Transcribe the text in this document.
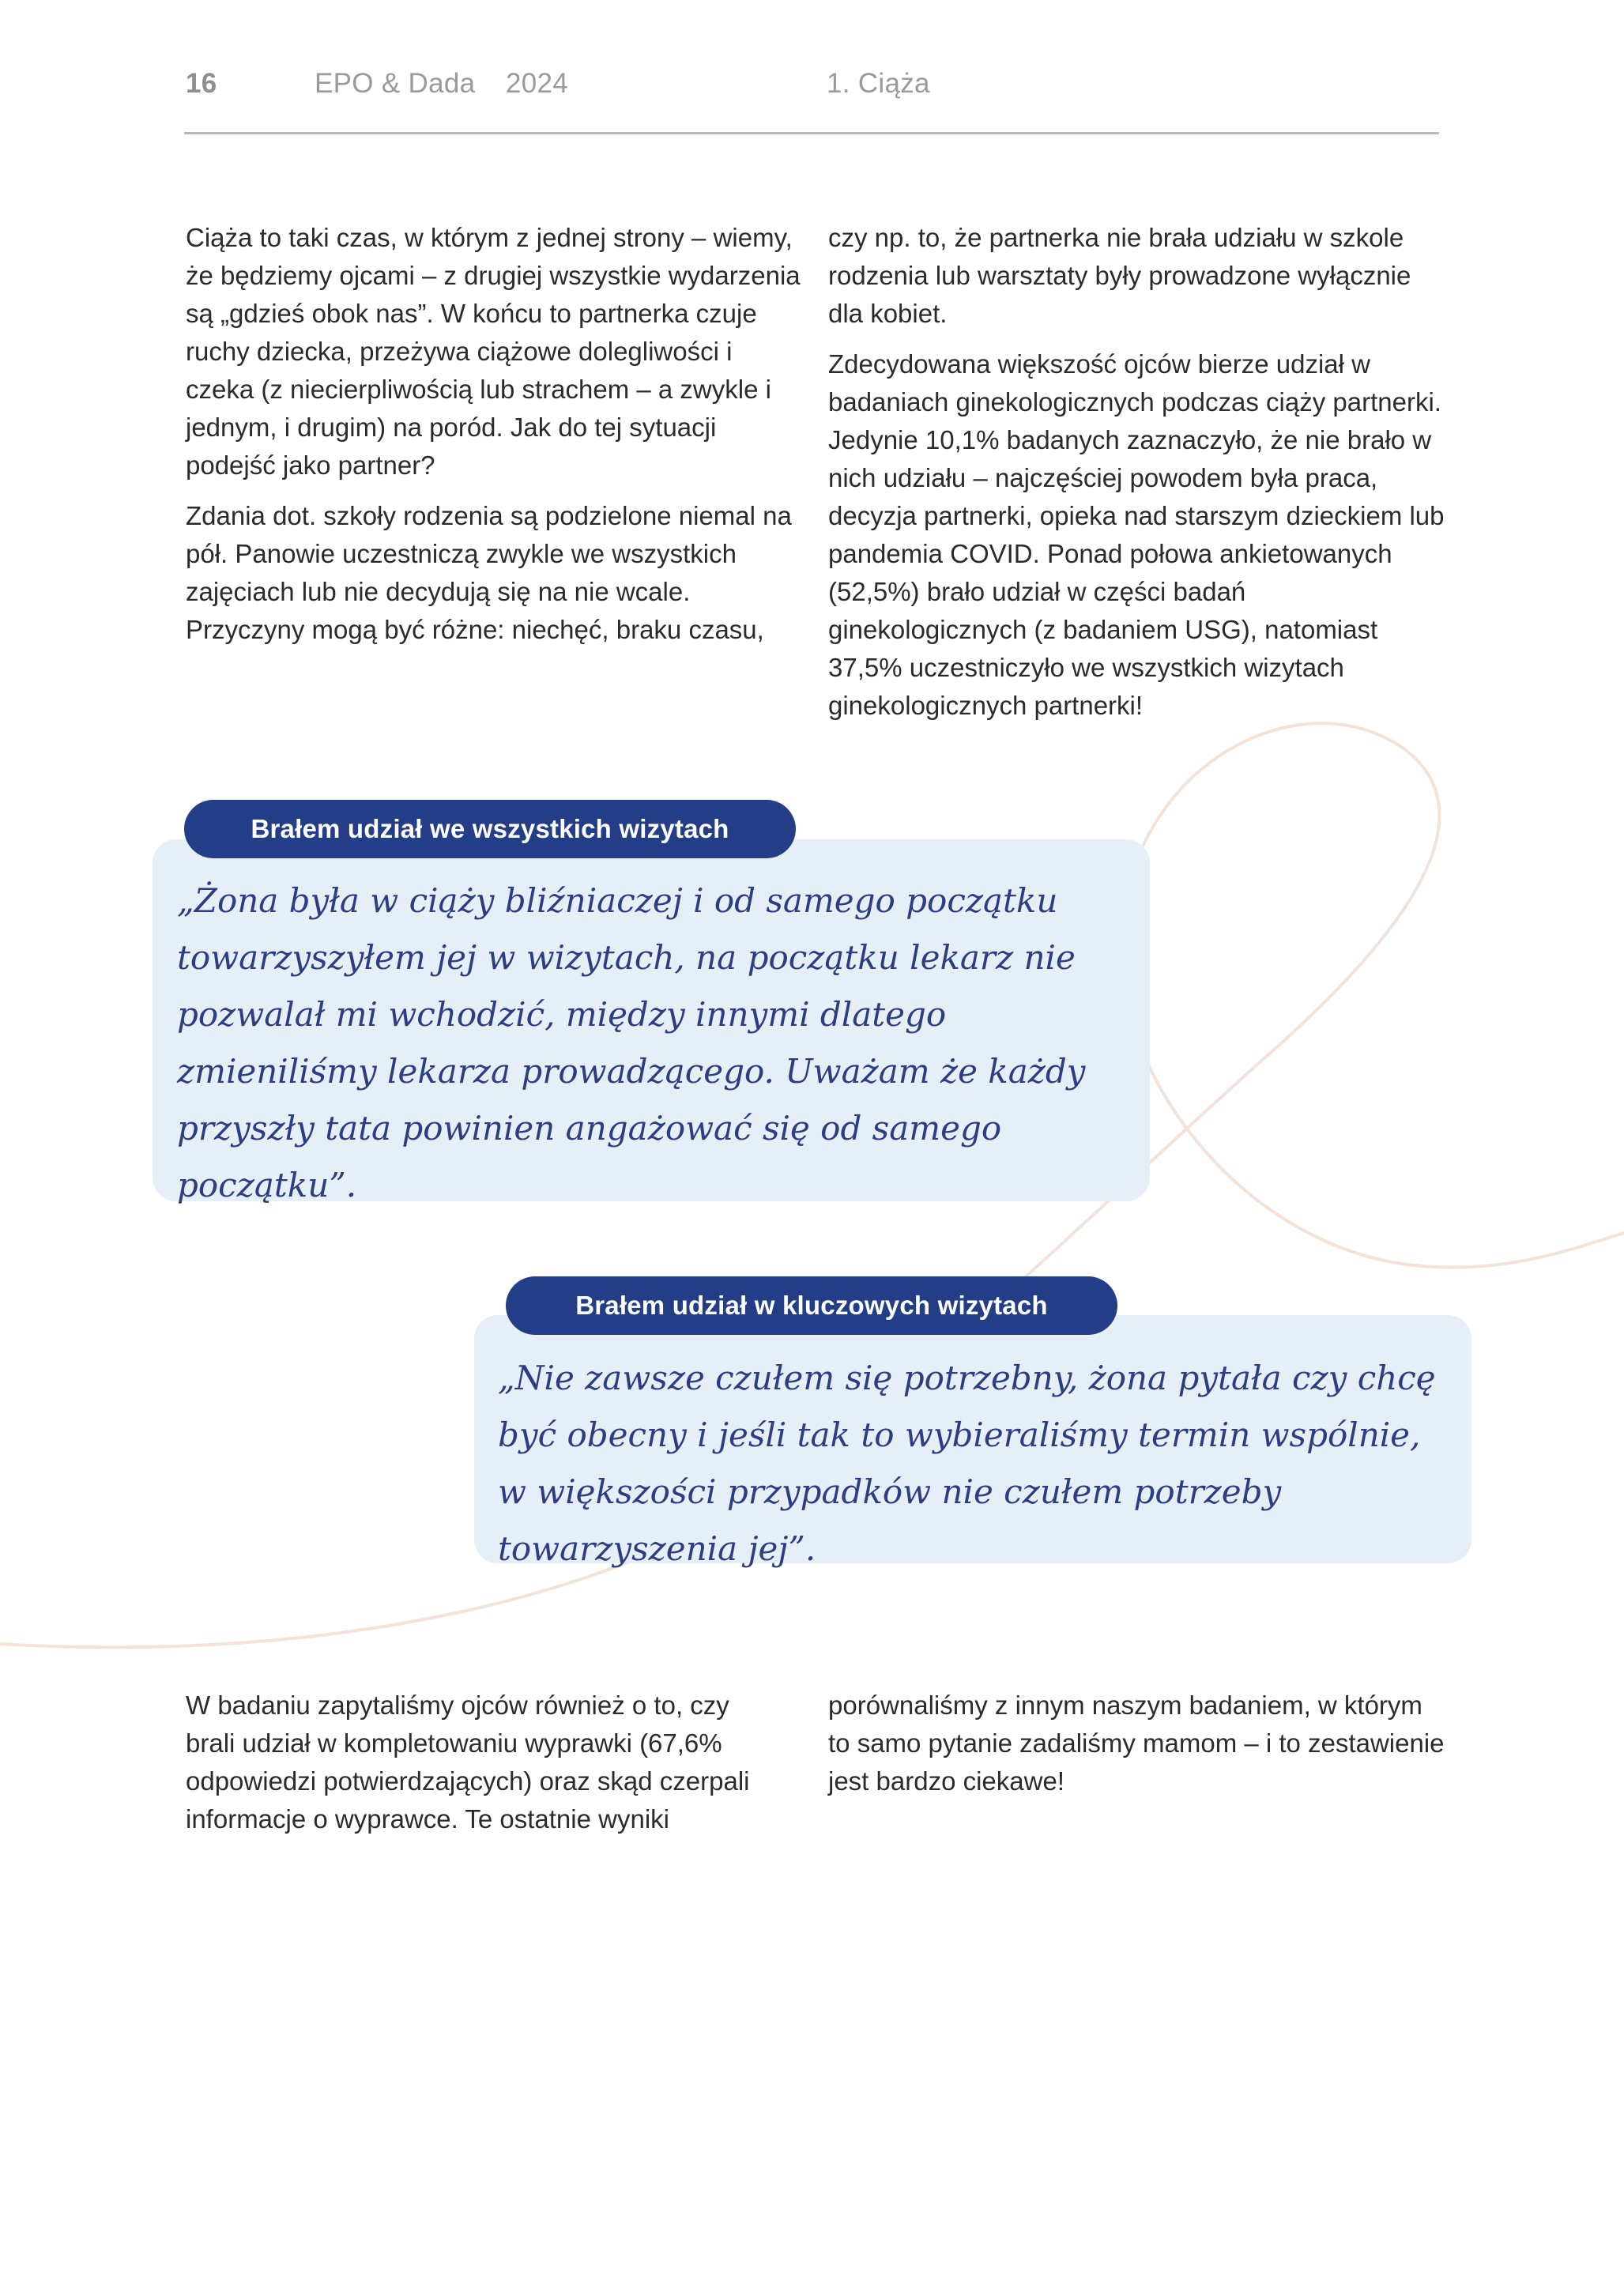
16	EPO & Dada 2024	1. Ciąża

Ciąża to taki czas, w którym z jednej strony – wiemy, że będziemy ojcami – z drugiej wszystkie wydarzenia są „gdzieś obok nas”. W końcu to partnerka czuje ruchy dziecka, przeżywa ciążowe dolegliwości i czeka (z niecierpliwością lub strachem – a zwykle i jednym, i drugim) na poród. Jak do tej sytuacji podejść jako partner?

Zdania dot. szkoły rodzenia są podzielone niemal na pół. Panowie uczestniczą zwykle we wszystkich zajęciach lub nie decydują się na nie wcale. Przyczyny mogą być różne: niechęć, braku czasu,

czy np. to, że partnerka nie brała udziału w szkole rodzenia lub warsztaty były prowadzone wyłącznie dla kobiet.

Zdecydowana większość ojców bierze udział w badaniach ginekologicznych podczas ciąży partnerki. Jedynie 10,1% badanych zaznaczyło, że nie brało w nich udziału – najczęściej powodem była praca, decyzja partnerki, opieka nad starszym dzieckiem lub pandemia COVID. Ponad połowa ankietowanych (52,5%) brało udział w części badań ginekologicznych (z badaniem USG), natomiast 37,5% uczestniczyło we wszystkich wizytach ginekologicznych partnerki!

Brałem udział we wszystkich wizytach
„Żona była w ciąży bliźniaczej i od samego początku towarzyszyłem jej w wizytach, na początku lekarz nie pozwalał mi wchodzić, między innymi dlatego zmieniliśmy lekarza prowadzącego. Uważam że każdy przyszły tata powinien angażować się od samego początku”.
Brałem udział w kluczowych wizytach
„Nie zawsze czułem się potrzebny, żona pytała czy chcę być obecny i jeśli tak to wybieraliśmy termin wspólnie, w większości przypadków nie czułem potrzeby towarzyszenia jej”.

W badaniu zapytaliśmy ojców również o to, czy brali udział w kompletowaniu wyprawki (67,6% odpowiedzi potwierdzających) oraz skąd czerpali informacje o wyprawce. Te ostatnie wyniki

porównaliśmy z innym naszym badaniem, w którym to samo pytanie zadaliśmy mamom – i to zestawienie jest bardzo ciekawe!
